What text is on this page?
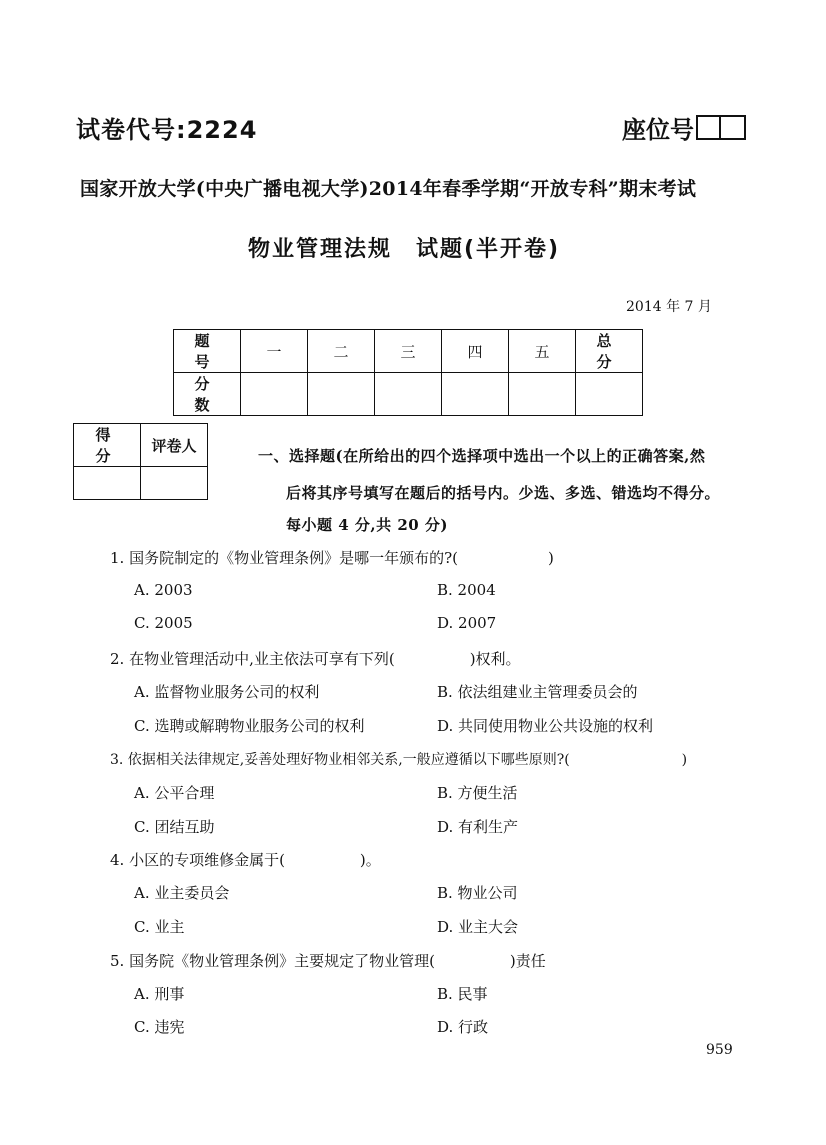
试卷代号:2224	座位号
国家开放大学(中央广播电视大学)2014年春季学期“开放专科”期末考试
物业管理法规　试题(半开卷)
2014 年 7 月
题　号	一	二	三	四	五	总　分
分　数						
得　分	评卷人

一、选择题(在所给出的四个选择项中选出一个以上的正确答案,然
后将其序号填写在题后的括号内。少选、多选、错选均不得分。
每小题 4 分,共 20 分)
1. 国务院制定的《物业管理条例》是哪一年颁布的?(　　　　　　)
A. 2003	B. 2004
C. 2005	D. 2007
2. 在物业管理活动中,业主依法可享有下列(　　　　　)权利。
A. 监督物业服务公司的权利	B. 依法组建业主管理委员会的
C. 选聘或解聘物业服务公司的权利	D. 共同使用物业公共设施的权利
3. 依据相关法律规定,妥善处理好物业相邻关系,一般应遵循以下哪些原则?(　　　　　　　　)
A. 公平合理	B. 方便生活
C. 团结互助	D. 有利生产
4. 小区的专项维修金属于(　　　　　)。
A. 业主委员会	B. 物业公司
C. 业主	D. 业主大会
5. 国务院《物业管理条例》主要规定了物业管理(　　　　　)责任
A. 刑事	B. 民事
C. 违宪	D. 行政
959
